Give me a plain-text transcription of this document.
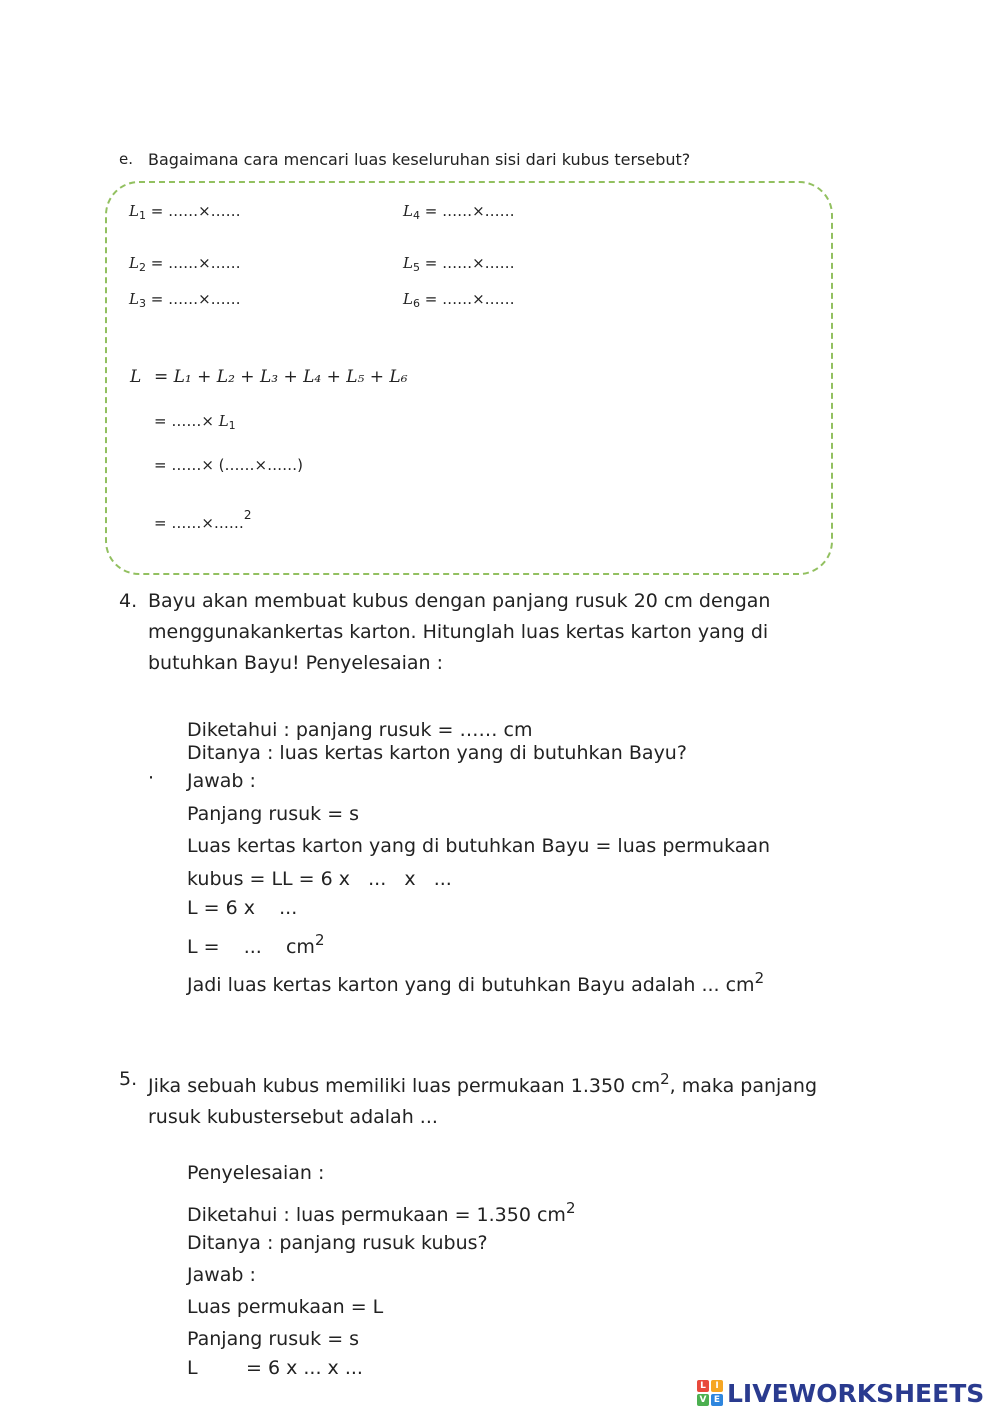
e. Bagaimana cara mencari luas keseluruhan sisi dari kubus tersebut?
$L_1$ = ……×……	$L_4$ = ……×……
$L_2$ = ……×……	$L_5$ = ……×……
$L_3$ = ……×……	$L_6$ = ……×……
L = L₁ + L₂ + L₃ + L₄ + L₅ + L₆
= ……× $L_1$
= ……× (……×……)
= ……×……$^2$
4. Bayu akan membuat kubus dengan panjang rusuk 20 cm dengan menggunakankertas karton. Hitunglah luas kertas karton yang di butuhkan Bayu! Penyelesaian :
Diketahui : panjang rusuk = …… cm
Ditanya : luas kertas karton yang di butuhkan Bayu?
· Jawab :
Panjang rusuk = s
Luas kertas karton yang di butuhkan Bayu = luas permukaan
kubus = LL = 6 x   ...   x   ...
L = 6 x    ...
L =    ...    $cm^2$
Jadi luas kertas karton yang di butuhkan Bayu adalah ... $cm^2$
5. Jika sebuah kubus memiliki luas permukaan 1.350 $cm^2$, maka panjang rusuk kubustersebut adalah ...
Penyelesaian :
Diketahui : luas permukaan = 1.350 $cm^2$
Ditanya : panjang rusuk kubus?
Jawab :
Luas permukaan = L
Panjang rusuk = s
L	= 6 x ... x ...
L	I
V E LIVEWORKSHEETS
